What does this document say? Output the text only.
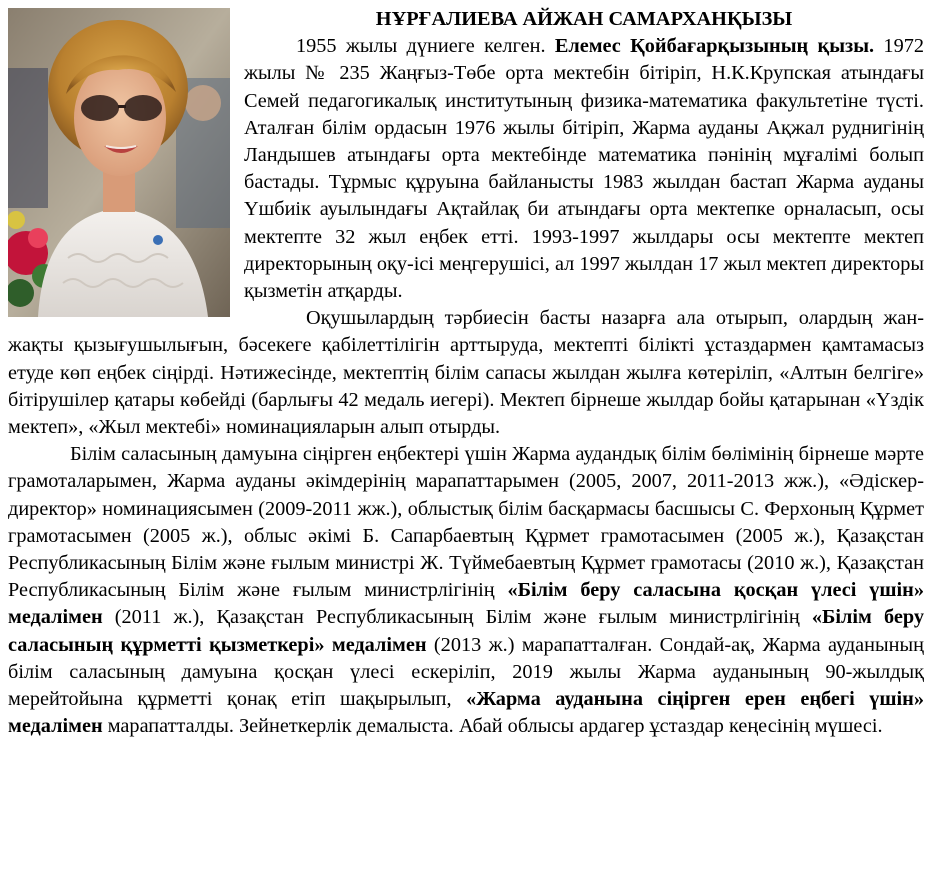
НҰРҒАЛИЕВА АЙЖАН САМАРХАНҚЫЗЫ

1955 жылы дүниеге келген. Елемес Қойбағарқызының қызы. 1972 жылы № 235 Жаңғыз-Төбе орта мектебін бітіріп, Н.К.Крупская атындағы Семей педагогикалық институтының физика-математика факультетіне түсті. Аталған білім ордасын 1976 жылы бітіріп, Жарма ауданы Ақжал руднигінің Ландышев атындағы орта мектебінде математика пәнінің мұғалімі болып бастады. Тұрмыс құруына байланысты 1983 жылдан бастап Жарма ауданы Үшбиік ауылындағы Ақтайлақ би атындағы орта мектепке орналасып, осы мектепте 32 жыл еңбек етті. 1993-1997 жылдары осы мектепте мектеп директорының оқу-ісі меңгерушісі, ал 1997 жылдан 17 жыл мектеп директоры қызметін атқарды.

Оқушылардың тәрбиесін басты назарға ала отырып, олардың жан-жақты қызығушылығын, бәсекеге қабілеттілігін арттыруда, мектепті білікті ұстаздармен қамтамасыз етуде көп еңбек сіңірді. Нәтижесінде, мектептің білім сапасы жылдан жылға көтеріліп, «Алтын белгіге» бітірушілер қатары көбейді (барлығы 42 медаль иегері). Мектеп бірнеше жылдар бойы қатарынан «Үздік мектеп», «Жыл мектебі» номинацияларын алып отырды.

Білім саласының дамуына сіңірген еңбектері үшін Жарма аудандық білім бөлімінің бірнеше мәрте грамоталарымен, Жарма ауданы әкімдерінің марапаттарымен (2005, 2007, 2011-2013 жж.), «Әдіскер-директор» номинациясымен (2009-2011 жж.), облыстық білім басқармасы басшысы С. Ферхоның Құрмет грамотасымен (2005 ж.), облыс әкімі Б. Сапарбаевтың Құрмет грамотасымен (2005 ж.), Қазақстан Республикасының Білім және ғылым министрі Ж. Түймебаевтың Құрмет грамотасы (2010 ж.), Қазақстан Республикасының Білім және ғылым министрлігінің «Білім беру саласына қосқан үлесі үшін» медалімен (2011 ж.), Қазақстан Республикасының Білім және ғылым министрлігінің «Білім беру саласының құрметті қызметкері» медалімен (2013 ж.) марапатталған. Сондай-ақ, Жарма ауданының білім саласының дамуына қосқан үлесі ескеріліп, 2019 жылы Жарма ауданының 90-жылдық мерейтойына құрметті қонақ етіп шақырылып, «Жарма ауданына сіңірген ерен еңбегі үшін» медалімен марапатталды. Зейнеткерлік демалыста. Абай облысы ардагер ұстаздар кеңесінің мүшесі.
